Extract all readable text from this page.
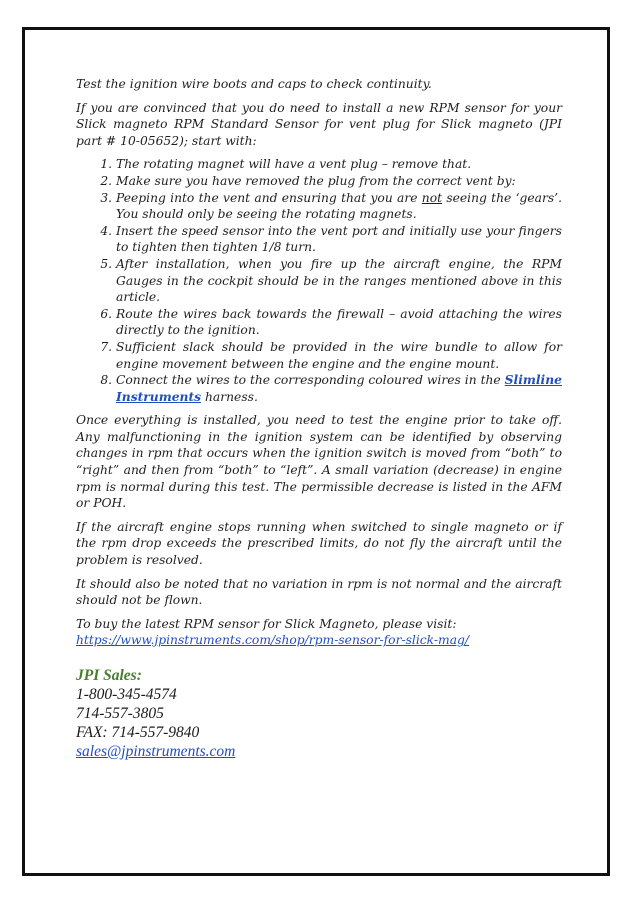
Test the ignition wire boots and caps to check continuity.

If you are convinced that you do need to install a new RPM sensor for your Slick magneto RPM Standard Sensor for vent plug for Slick magneto (JPI part # 10-05652); start with:

1. The rotating magnet will have a vent plug – remove that.
2. Make sure you have removed the plug from the correct vent by:
3. Peeping into the vent and ensuring that you are not seeing the ‘gears’. You should only be seeing the rotating magnets.
4. Insert the speed sensor into the vent port and initially use your fingers to tighten then tighten 1/8 turn.
5. After installation, when you fire up the aircraft engine, the RPM Gauges in the cockpit should be in the ranges mentioned above in this article.
6. Route the wires back towards the firewall – avoid attaching the wires directly to the ignition.
7. Sufficient slack should be provided in the wire bundle to allow for engine movement between the engine and the engine mount.
8. Connect the wires to the corresponding coloured wires in the Slimline Instruments harness.

Once everything is installed, you need to test the engine prior to take off. Any malfunctioning in the ignition system can be identified by observing changes in rpm that occurs when the ignition switch is moved from “both” to “right” and then from “both” to “left”. A small variation (decrease) in engine rpm is normal during this test. The permissible decrease is listed in the AFM or POH.

If the aircraft engine stops running when switched to single magneto or if the rpm drop exceeds the prescribed limits, do not fly the aircraft until the problem is resolved.

It should also be noted that no variation in rpm is not normal and the aircraft should not be flown.

To buy the latest RPM sensor for Slick Magneto, please visit:
https://www.jpinstruments.com/shop/rpm-sensor-for-slick-mag/

JPI Sales:
1-800-345-4574
714-557-3805
FAX: 714-557-9840
sales@jpinstruments.com
